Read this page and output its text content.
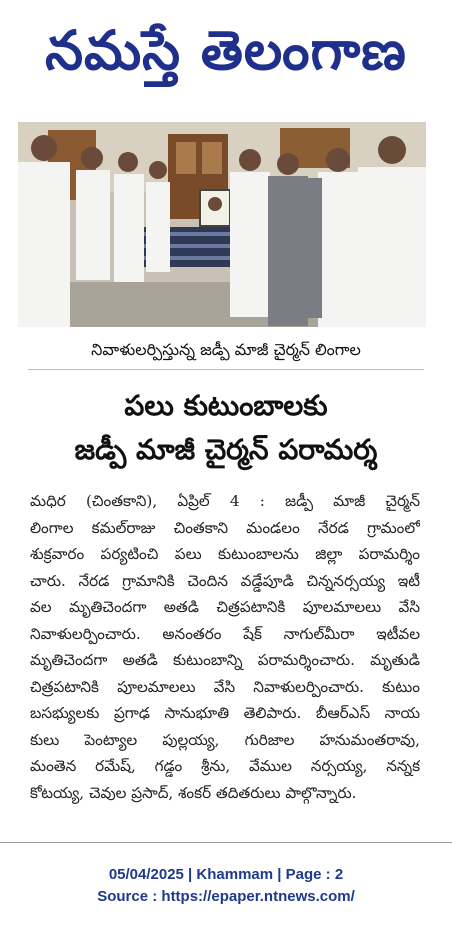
నమస్తే తెలంగాణ
నివాళులర్పిస్తున్న జడ్పీ మాజీ చైర్మన్ లింగాల
పలు కుటుంబాలకు
జడ్పీ మాజీ చైర్మన్ పరామర్శ
మధిర (చింతకాని), ఏప్రిల్ 4 : జడ్పీ మాజీ చైర్మన్
లింగాల కమల్‌రాజు చింతకాని మండలం నేరడ గ్రామంలో
శుక్రవారం పర్యటించి పలు కుటుంబాలను జిల్లా పరామర్శిం
చారు. నేరడ గ్రామానికి చెందిన వడ్డేపూడి చిన్ననర్సయ్య ఇటీ
వల మృతిచెందగా అతడి చిత్రపటానికి పూలమాలలు వేసి
నివాళులర్పించారు. అనంతరం షేక్ నాగుల్‌మీరా ఇటీవల
మృతిచెందగా అతడి కుటుంబాన్ని పరామర్శించారు. మృతుడి
చిత్రపటానికి పూలమాలలు వేసి నివాళులర్పించారు. కుటుం
బసభ్యులకు ప్రగాఢ సానుభూతి తెలిపారు. బీఆర్‌ఎస్ నాయ
కులు పెంట్యాల పుల్లయ్య, గురిజాల హనుమంతరావు,
మంతెన రమేష్, గడ్డం శ్రీను, వేముల నర్సయ్య, నన్నక
కోటయ్య, చెవుల ప్రసాద్, శంకర్ తదితరులు పాల్గొన్నారు.
05/04/2025 | Khammam | Page : 2
Source : https://epaper.ntnews.com/
